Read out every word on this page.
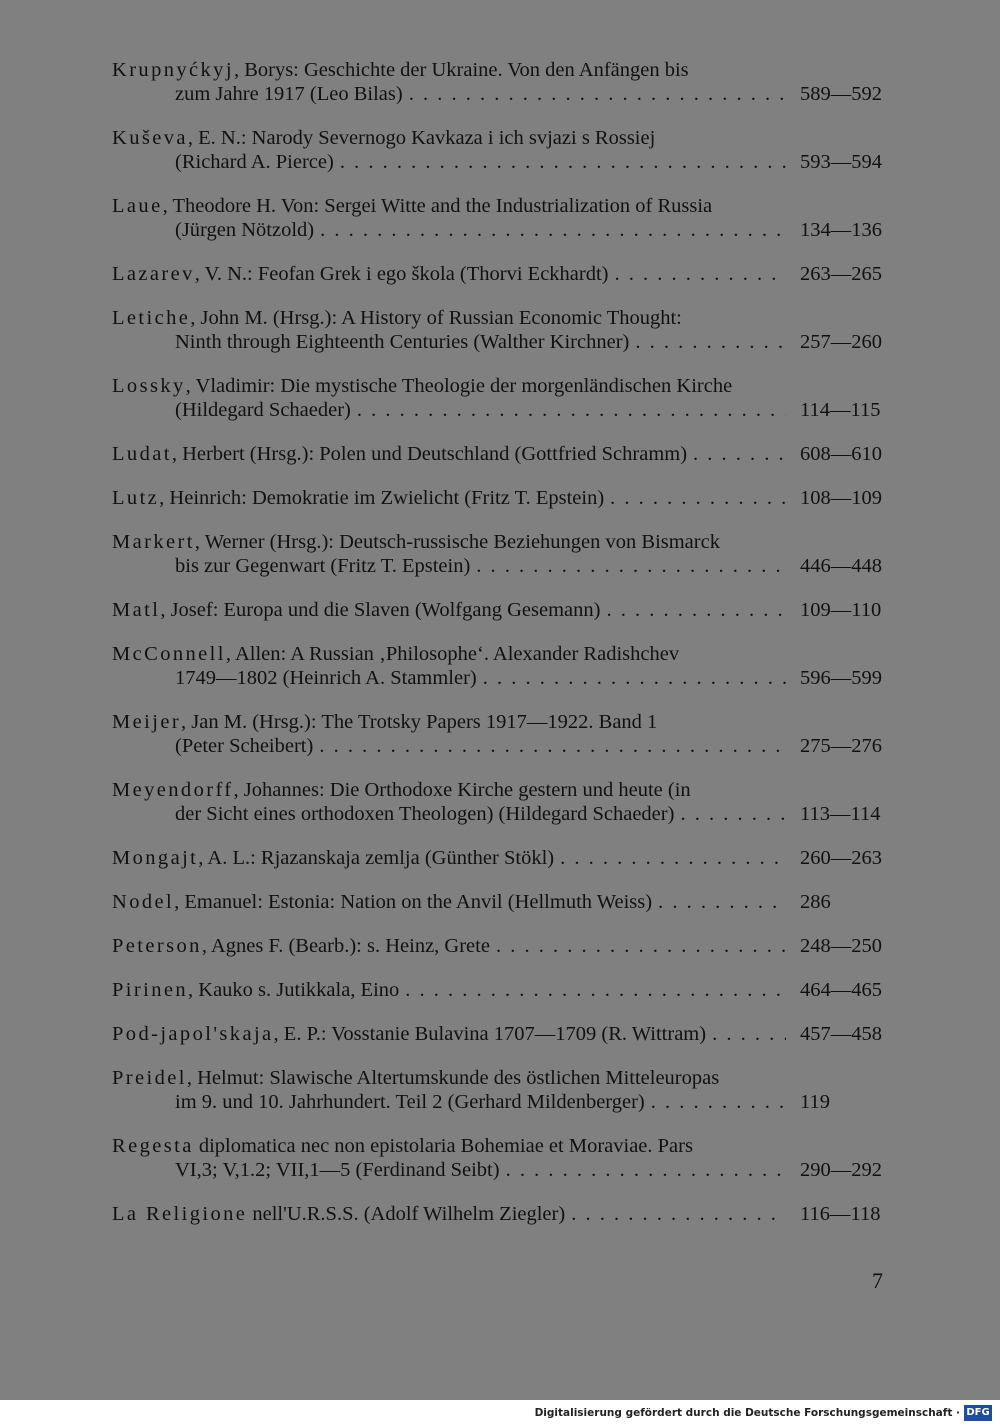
Krupnyćkyj, Borys: Geschichte der Ukraine. Von den Anfängen bis
zum Jahre 1917 (Leo Bilas) . . .	589—592
Kuševa, E. N.: Narody Severnogo Kavkaza i ich svjazi s Rossiej
(Richard A. Pierce) . . .	593—594
Laue, Theodore H. Von: Sergei Witte and the Industrialization of Russia
(Jürgen Nötzold) . . .	134—136
Lazarev, V. N.: Feofan Grek i ego škola (Thorvi Eckhardt) . . .	263—265
Letiche, John M. (Hrsg.): A History of Russian Economic Thought:
Ninth through Eighteenth Centuries (Walther Kirchner) . . .	257—260
Lossky, Vladimir: Die mystische Theologie der morgenländischen Kirche
(Hildegard Schaeder) . . .	114—115
Ludat, Herbert (Hrsg.): Polen und Deutschland (Gottfried Schramm) . . .	608—610
Lutz, Heinrich: Demokratie im Zwielicht (Fritz T. Epstein) . . .	108—109
Markert, Werner (Hrsg.): Deutsch-russische Beziehungen von Bismarck
bis zur Gegenwart (Fritz T. Epstein) . . .	446—448
Matl, Josef: Europa und die Slaven (Wolfgang Gesemann) . . .	109—110
McConnell, Allen: A Russian ‚Philosophe‘. Alexander Radishchev
1749—1802 (Heinrich A. Stammler) . . .	596—599
Meijer, Jan M. (Hrsg.): The Trotsky Papers 1917—1922. Band 1
(Peter Scheibert) . . .	275—276
Meyendorff, Johannes: Die Orthodoxe Kirche gestern und heute (in
der Sicht eines orthodoxen Theologen) (Hildegard Schaeder) . . .	113—114
Mongajt, A. L.: Rjazanskaja zemlja (Günther Stökl) . . .	260—263
Nodel, Emanuel: Estonia: Nation on the Anvil (Hellmuth Weiss) . . .	286
Peterson, Agnes F. (Bearb.): s. Heinz, Grete . . .	248—250
Pirinen, Kauko s. Jutikkala, Eino . . .	464—465
Pod-japol'skaja, E. P.: Vosstanie Bulavina 1707—1709 (R. Wittram) . . .	457—458
Preidel, Helmut: Slawische Altertumskunde des östlichen Mitteleuropas
im 9. und 10. Jahrhundert. Teil 2 (Gerhard Mildenberger) . . .	119
Regesta diplomatica nec non epistolaria Bohemiae et Moraviae. Pars
VI,3; V,1.2; VII,1—5 (Ferdinand Seibt) . . .	290—292
La Religione nell'U.R.S.S. (Adolf Wilhelm Ziegler) . . .	116—118
7
Digitalisierung gefördert durch die Deutsche Forschungsgemeinschaft · DFG
